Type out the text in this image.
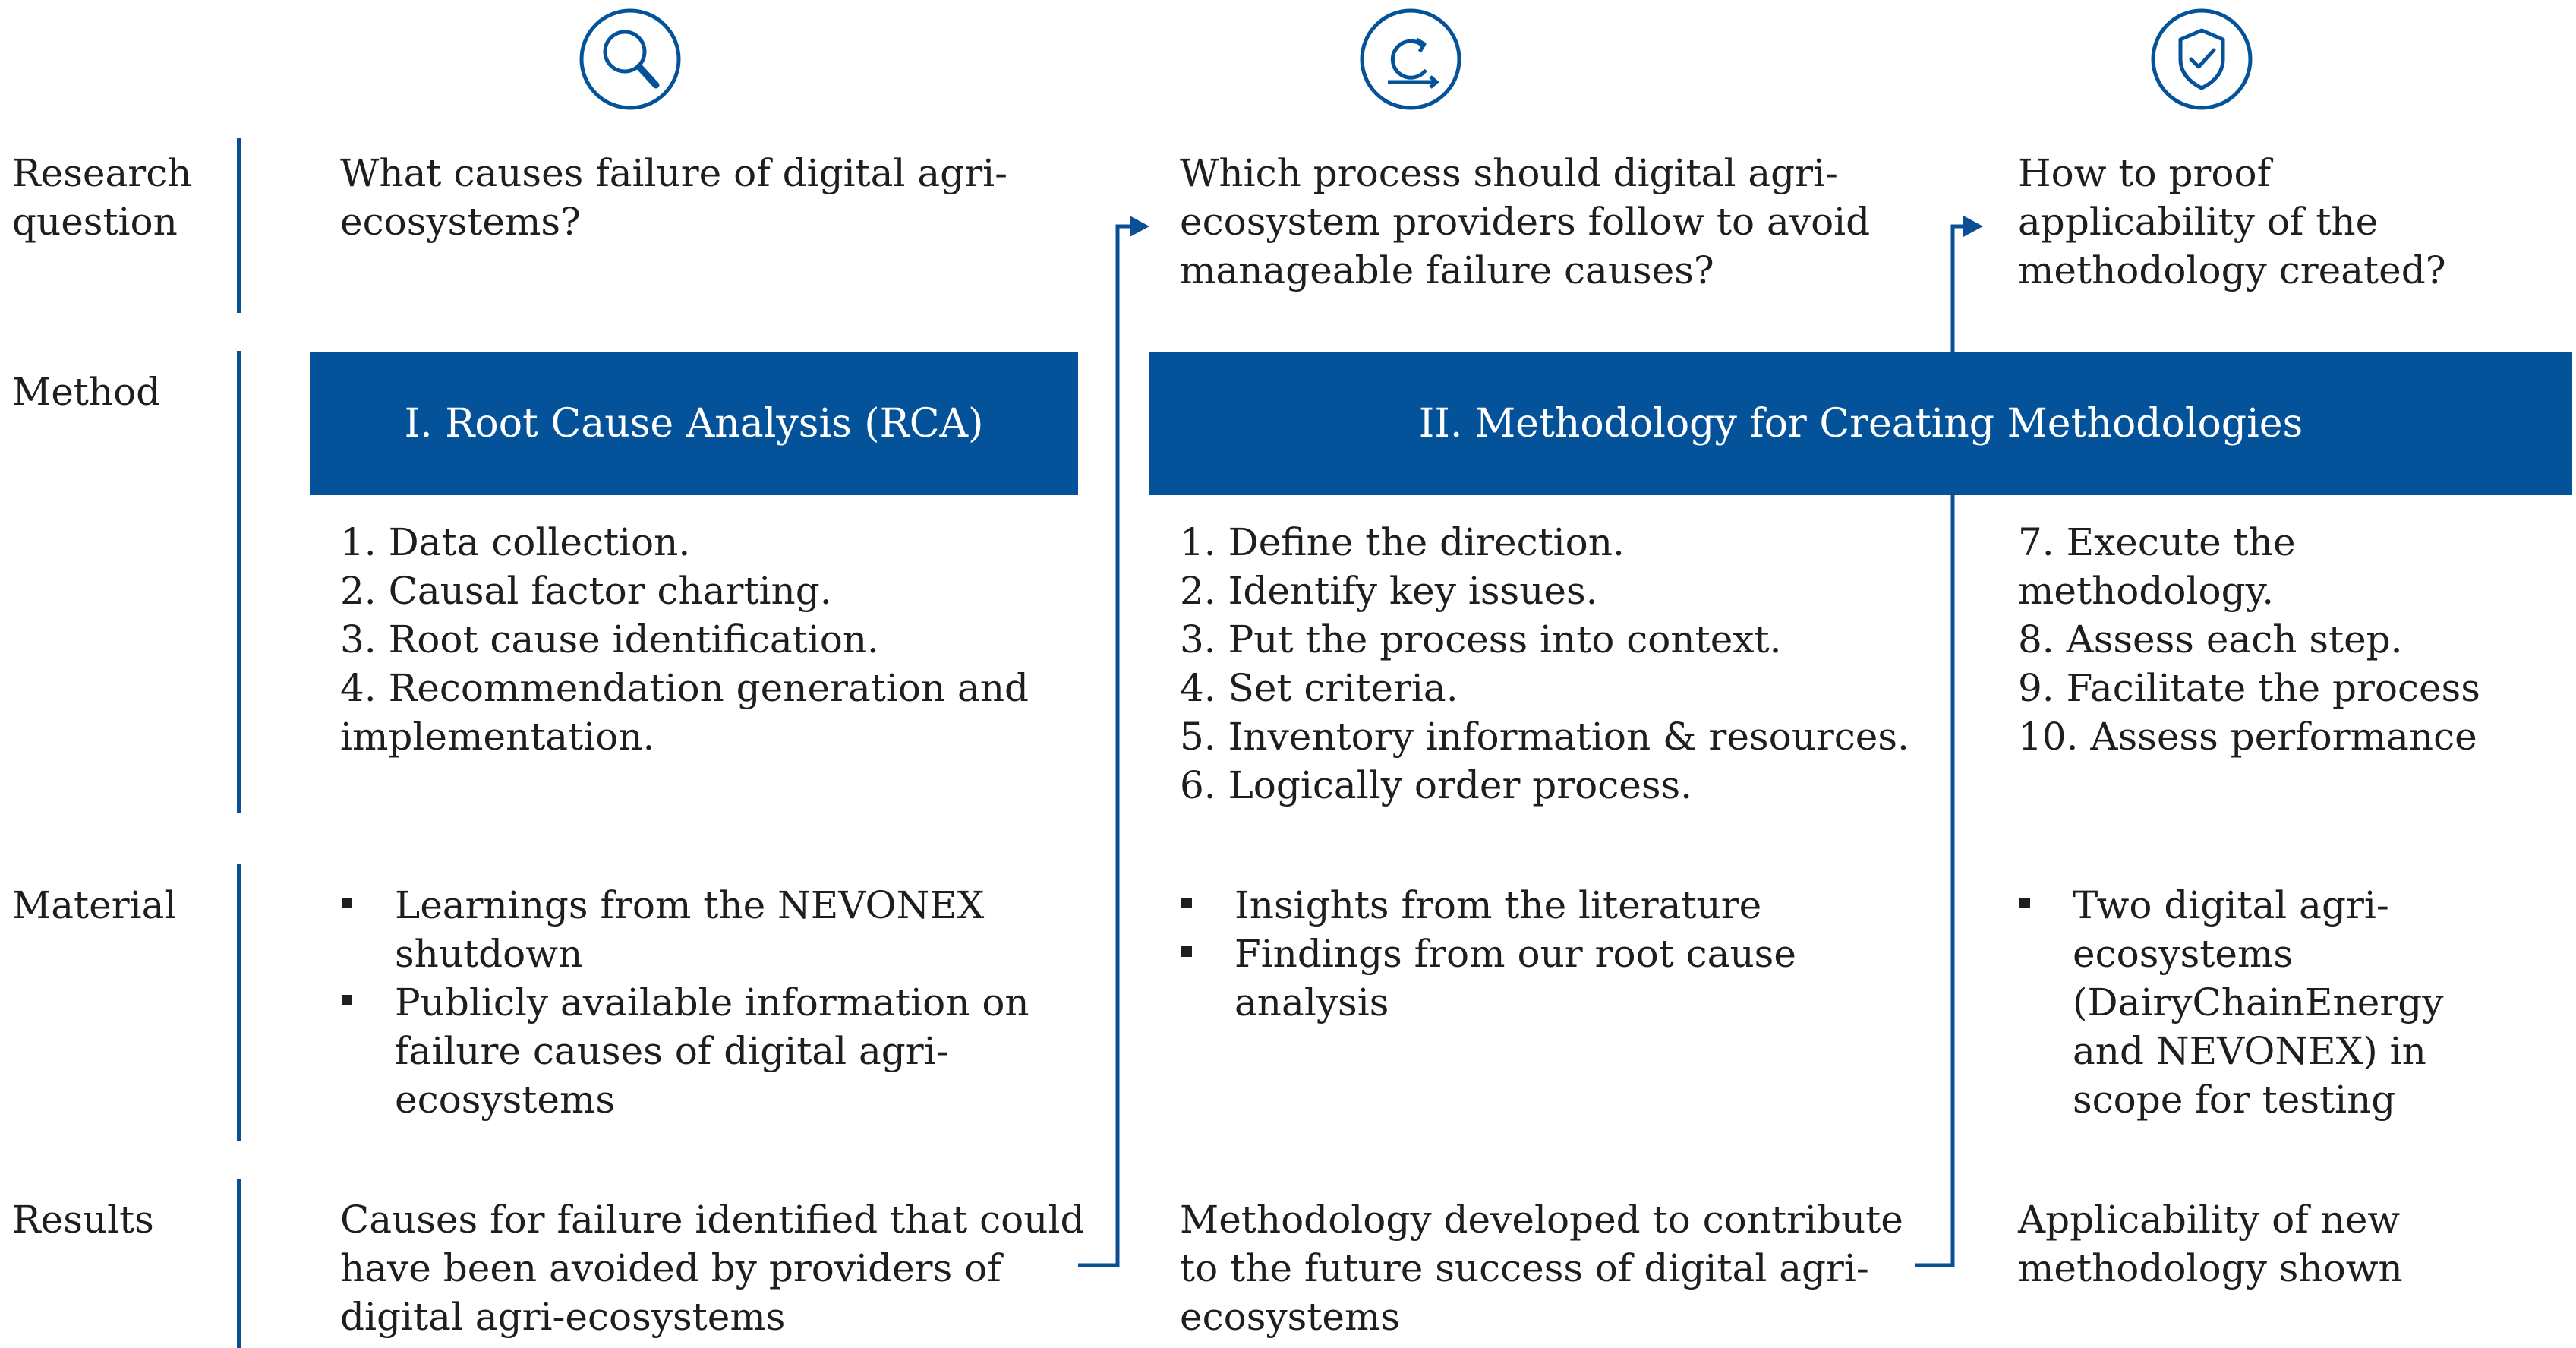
Research
question
Method
Material
Results
What causes failure of digital agri-
ecosystems?
Which process should digital agri-
ecosystem providers follow to avoid
manageable failure causes?
How to proof
applicability of the
methodology created?
I. Root Cause Analysis (RCA)	II. Methodology for Creating Methodologies
1. Data collection.
2. Causal factor charting.
3. Root cause identification.
4. Recommendation generation and
implementation.
1. Define the direction.
2. Identify key issues.
3. Put the process into context.
4. Set criteria.
5. Inventory information & resources.
6. Logically order process.
7. Execute the
methodology.
8. Assess each step.
9. Facilitate the process
10. Assess performance
Learnings from the NEVONEX
shutdown
Publicly available information on
failure causes of digital agri-
ecosystems
Insights from the literature
Findings from our root cause
analysis
Two digital agri-
ecosystems
(DairyChainEnergy
and NEVONEX) in
scope for testing
Causes for failure identified that could
have been avoided by providers of
digital agri-ecosystems
Methodology developed to contribute
to the future success of digital agri-
ecosystems
Applicability of new
methodology shown
